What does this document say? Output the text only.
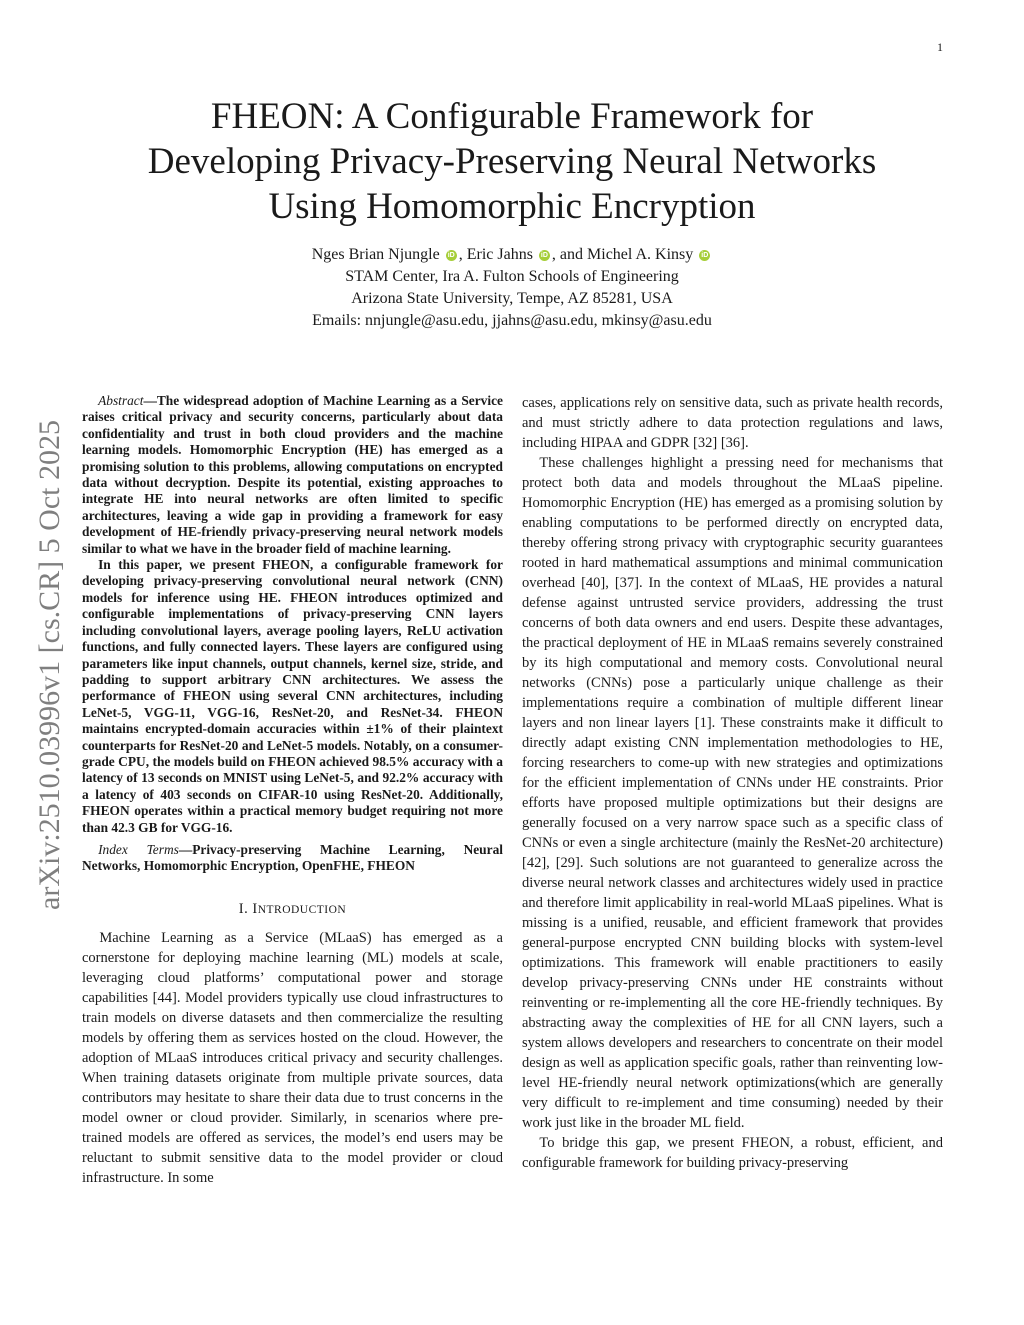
1
arXiv:2510.03996v1 [cs.CR] 5 Oct 2025
FHEON: A Configurable Framework for
Developing Privacy-Preserving Neural Networks
Using Homomorphic Encryption
Nges Brian Njungle iD , Eric Jahns iD , and Michel A. Kinsy iD
STAM Center, Ira A. Fulton Schools of Engineering
Arizona State University, Tempe, AZ 85281, USA
Emails: nnjungle@asu.edu, jjahns@asu.edu, mkinsy@asu.edu

Abstract—The widespread adoption of Machine Learning as a Service raises critical privacy and security concerns, particularly about data confidentiality and trust in both cloud providers and the machine learning models. Homomorphic Encryption (HE) has emerged as a promising solution to this problems, allowing computations on encrypted data without decryption. Despite its potential, existing approaches to integrate HE into neural networks are often limited to specific architectures, leaving a wide gap in providing a framework for easy development of HE-friendly privacy-preserving neural network models similar to what we have in the broader field of machine learning.

In this paper, we present FHEON, a configurable framework for developing privacy-preserving convolutional neural network (CNN) models for inference using HE. FHEON introduces optimized and configurable implementations of privacy-preserving CNN layers including convolutional layers, average pooling layers, ReLU activation functions, and fully connected layers. These layers are configured using parameters like input channels, output channels, kernel size, stride, and padding to support arbitrary CNN architectures. We assess the performance of FHEON using several CNN architectures, including LeNet-5, VGG-11, VGG-16, ResNet-20, and ResNet-34. FHEON maintains encrypted-domain accuracies within ±1% of their plaintext counterparts for ResNet-20 and LeNet-5 models. Notably, on a consumer-grade CPU, the models build on FHEON achieved 98.5% accuracy with a latency of 13 seconds on MNIST using LeNet-5, and 92.2% accuracy with a latency of 403 seconds on CIFAR-10 using ResNet-20. Additionally, FHEON operates within a practical memory budget requiring not more than 42.3 GB for VGG-16.

Index Terms—Privacy-preserving Machine Learning, Neural Networks, Homomorphic Encryption, OpenFHE, FHEON

I. INTRODUCTION

Machine Learning as a Service (MLaaS) has emerged as a cornerstone for deploying machine learning (ML) models at scale, leveraging cloud platforms’ computational power and storage capabilities [44]. Model providers typically use cloud infrastructures to train models on diverse datasets and then commercialize the resulting models by offering them as services hosted on the cloud. However, the adoption of MLaaS introduces critical privacy and security challenges. When training datasets originate from multiple private sources, data contributors may hesitate to share their data due to trust concerns in the model owner or cloud provider. Similarly, in scenarios where pre-trained models are offered as services, the model’s end users may be reluctant to submit sensitive data to the model provider or cloud infrastructure. In some

cases, applications rely on sensitive data, such as private health records, and must strictly adhere to data protection regulations and laws, including HIPAA and GDPR [32] [36].

These challenges highlight a pressing need for mechanisms that protect both data and models throughout the MLaaS pipeline. Homomorphic Encryption (HE) has emerged as a promising solution by enabling computations to be performed directly on encrypted data, thereby offering strong privacy with cryptographic security guarantees rooted in hard mathematical assumptions and minimal communication overhead [40], [37]. In the context of MLaaS, HE provides a natural defense against untrusted service providers, addressing the trust concerns of both data owners and end users. Despite these advantages, the practical deployment of HE in MLaaS remains severely constrained by its high computational and memory costs. Convolutional neural networks (CNNs) pose a particularly unique challenge as their implementations require a combination of multiple different linear layers and non linear layers [1]. These constraints make it difficult to directly adapt existing CNN implementation methodologies to HE, forcing researchers to come-up with new strategies and optimizations for the efficient implementation of CNNs under HE constraints. Prior efforts have proposed multiple optimizations but their designs are generally focused on a very narrow space such as a specific class of CNNs or even a single architecture (mainly the ResNet-20 architecture) [42], [29]. Such solutions are not guaranteed to generalize across the diverse neural network classes and architectures widely used in practice and therefore limit applicability in real-world MLaaS pipelines. What is missing is a unified, reusable, and efficient framework that provides general-purpose encrypted CNN building blocks with system-level optimizations. This framework will enable practitioners to easily develop privacy-preserving CNNs under HE constraints without reinventing or re-implementing all the core HE-friendly techniques. By abstracting away the complexities of HE for all CNN layers, such a system allows developers and researchers to concentrate on their model design as well as application specific goals, rather than reinventing low-level HE-friendly neural network optimizations(which are generally very difficult to re-implement and time consuming) needed by their work just like in the broader ML field.

To bridge this gap, we present FHEON, a robust, efficient, and configurable framework for building privacy-preserving
